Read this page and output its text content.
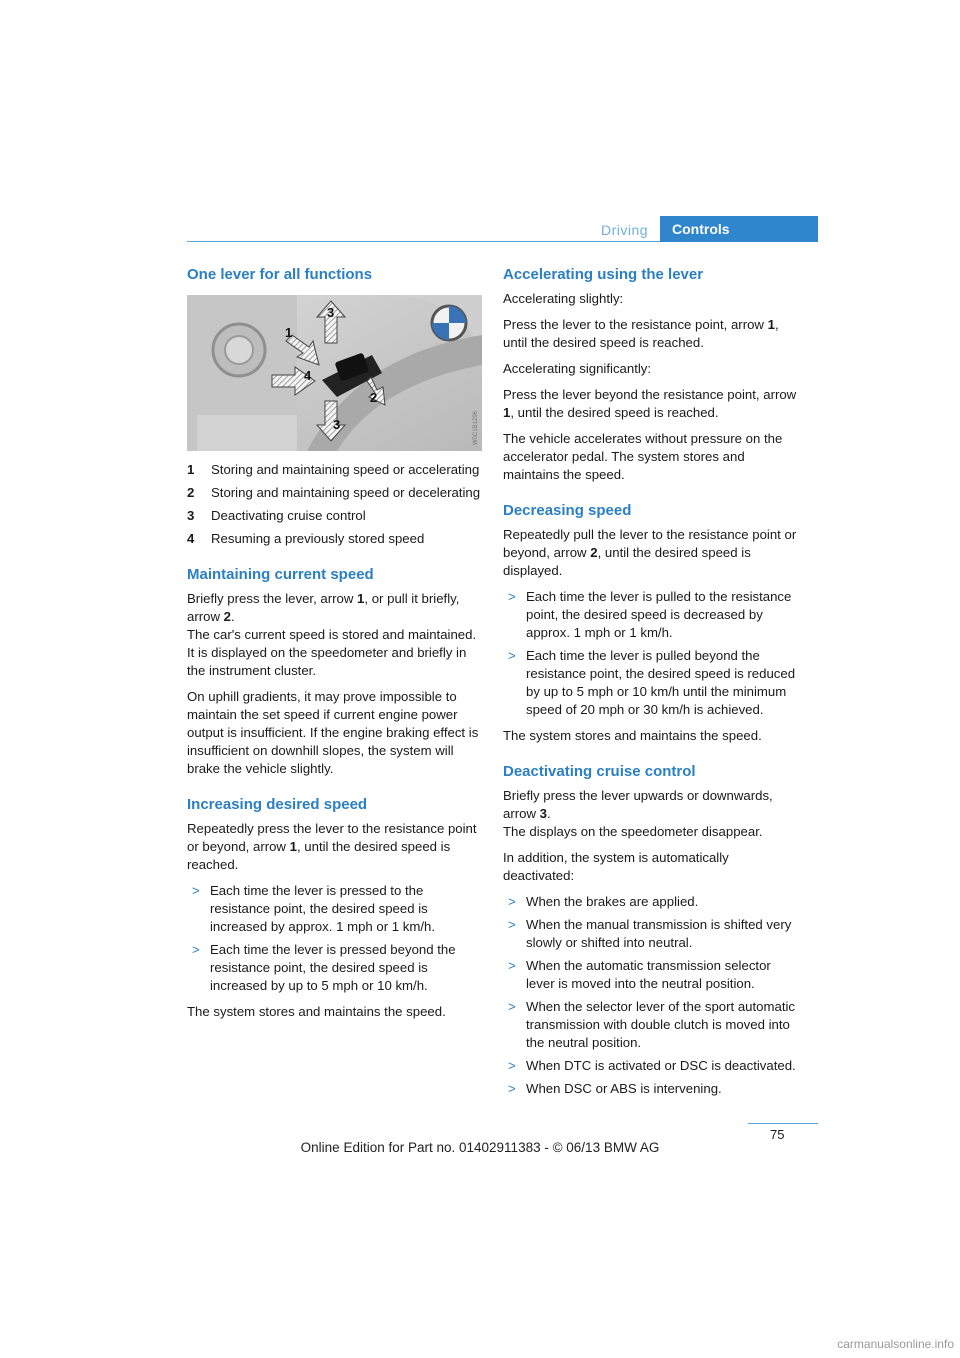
Driving	Controls
One lever for all functions
1
2
3
4
3	W0C1B1296
1 Storing and maintaining speed or accelerating
2 Storing and maintaining speed or decelerating
3 Deactivating cruise control
4 Resuming a previously stored speed
Maintaining current speed

Briefly press the lever, arrow 1, or pull it briefly, arrow 2.
The car's current speed is stored and maintained. It is displayed on the speedometer and briefly in the instrument cluster.

On uphill gradients, it may prove impossible to maintain the set speed if current engine power output is insufficient. If the engine braking effect is insufficient on downhill slopes, the system will brake the vehicle slightly.

Increasing desired speed

Repeatedly press the lever to the resistance point or beyond, arrow 1, until the desired speed is reached.

> Each time the lever is pressed to the resistance point, the desired speed is increased by approx. 1 mph or 1 km/h.
> Each time the lever is pressed beyond the resistance point, the desired speed is increased by up to 5 mph or 10 km/h.

The system stores and maintains the speed.

Accelerating using the lever

Accelerating slightly:

Press the lever to the resistance point, arrow 1, until the desired speed is reached.

Accelerating significantly:

Press the lever beyond the resistance point, arrow 1, until the desired speed is reached.

The vehicle accelerates without pressure on the accelerator pedal. The system stores and maintains the speed.

Decreasing speed

Repeatedly pull the lever to the resistance point or beyond, arrow 2, until the desired speed is displayed.

> Each time the lever is pulled to the resistance point, the desired speed is decreased by approx. 1 mph or 1 km/h.
> Each time the lever is pulled beyond the resistance point, the desired speed is reduced by up to 5 mph or 10 km/h until the minimum speed of 20 mph or 30 km/h is achieved.

The system stores and maintains the speed.

Deactivating cruise control

Briefly press the lever upwards or downwards, arrow 3.
The displays on the speedometer disappear.

In addition, the system is automatically deactivated:

> When the brakes are applied.
> When the manual transmission is shifted very slowly or shifted into neutral.
> When the automatic transmission selector lever is moved into the neutral position.
> When the selector lever of the sport automatic transmission with double clutch is moved into the neutral position.
> When DTC is activated or DSC is deactivated.
> When DSC or ABS is intervening.
75
Online Edition for Part no. 01402911383 - © 06/13 BMW AG
carmanualsonline.info
